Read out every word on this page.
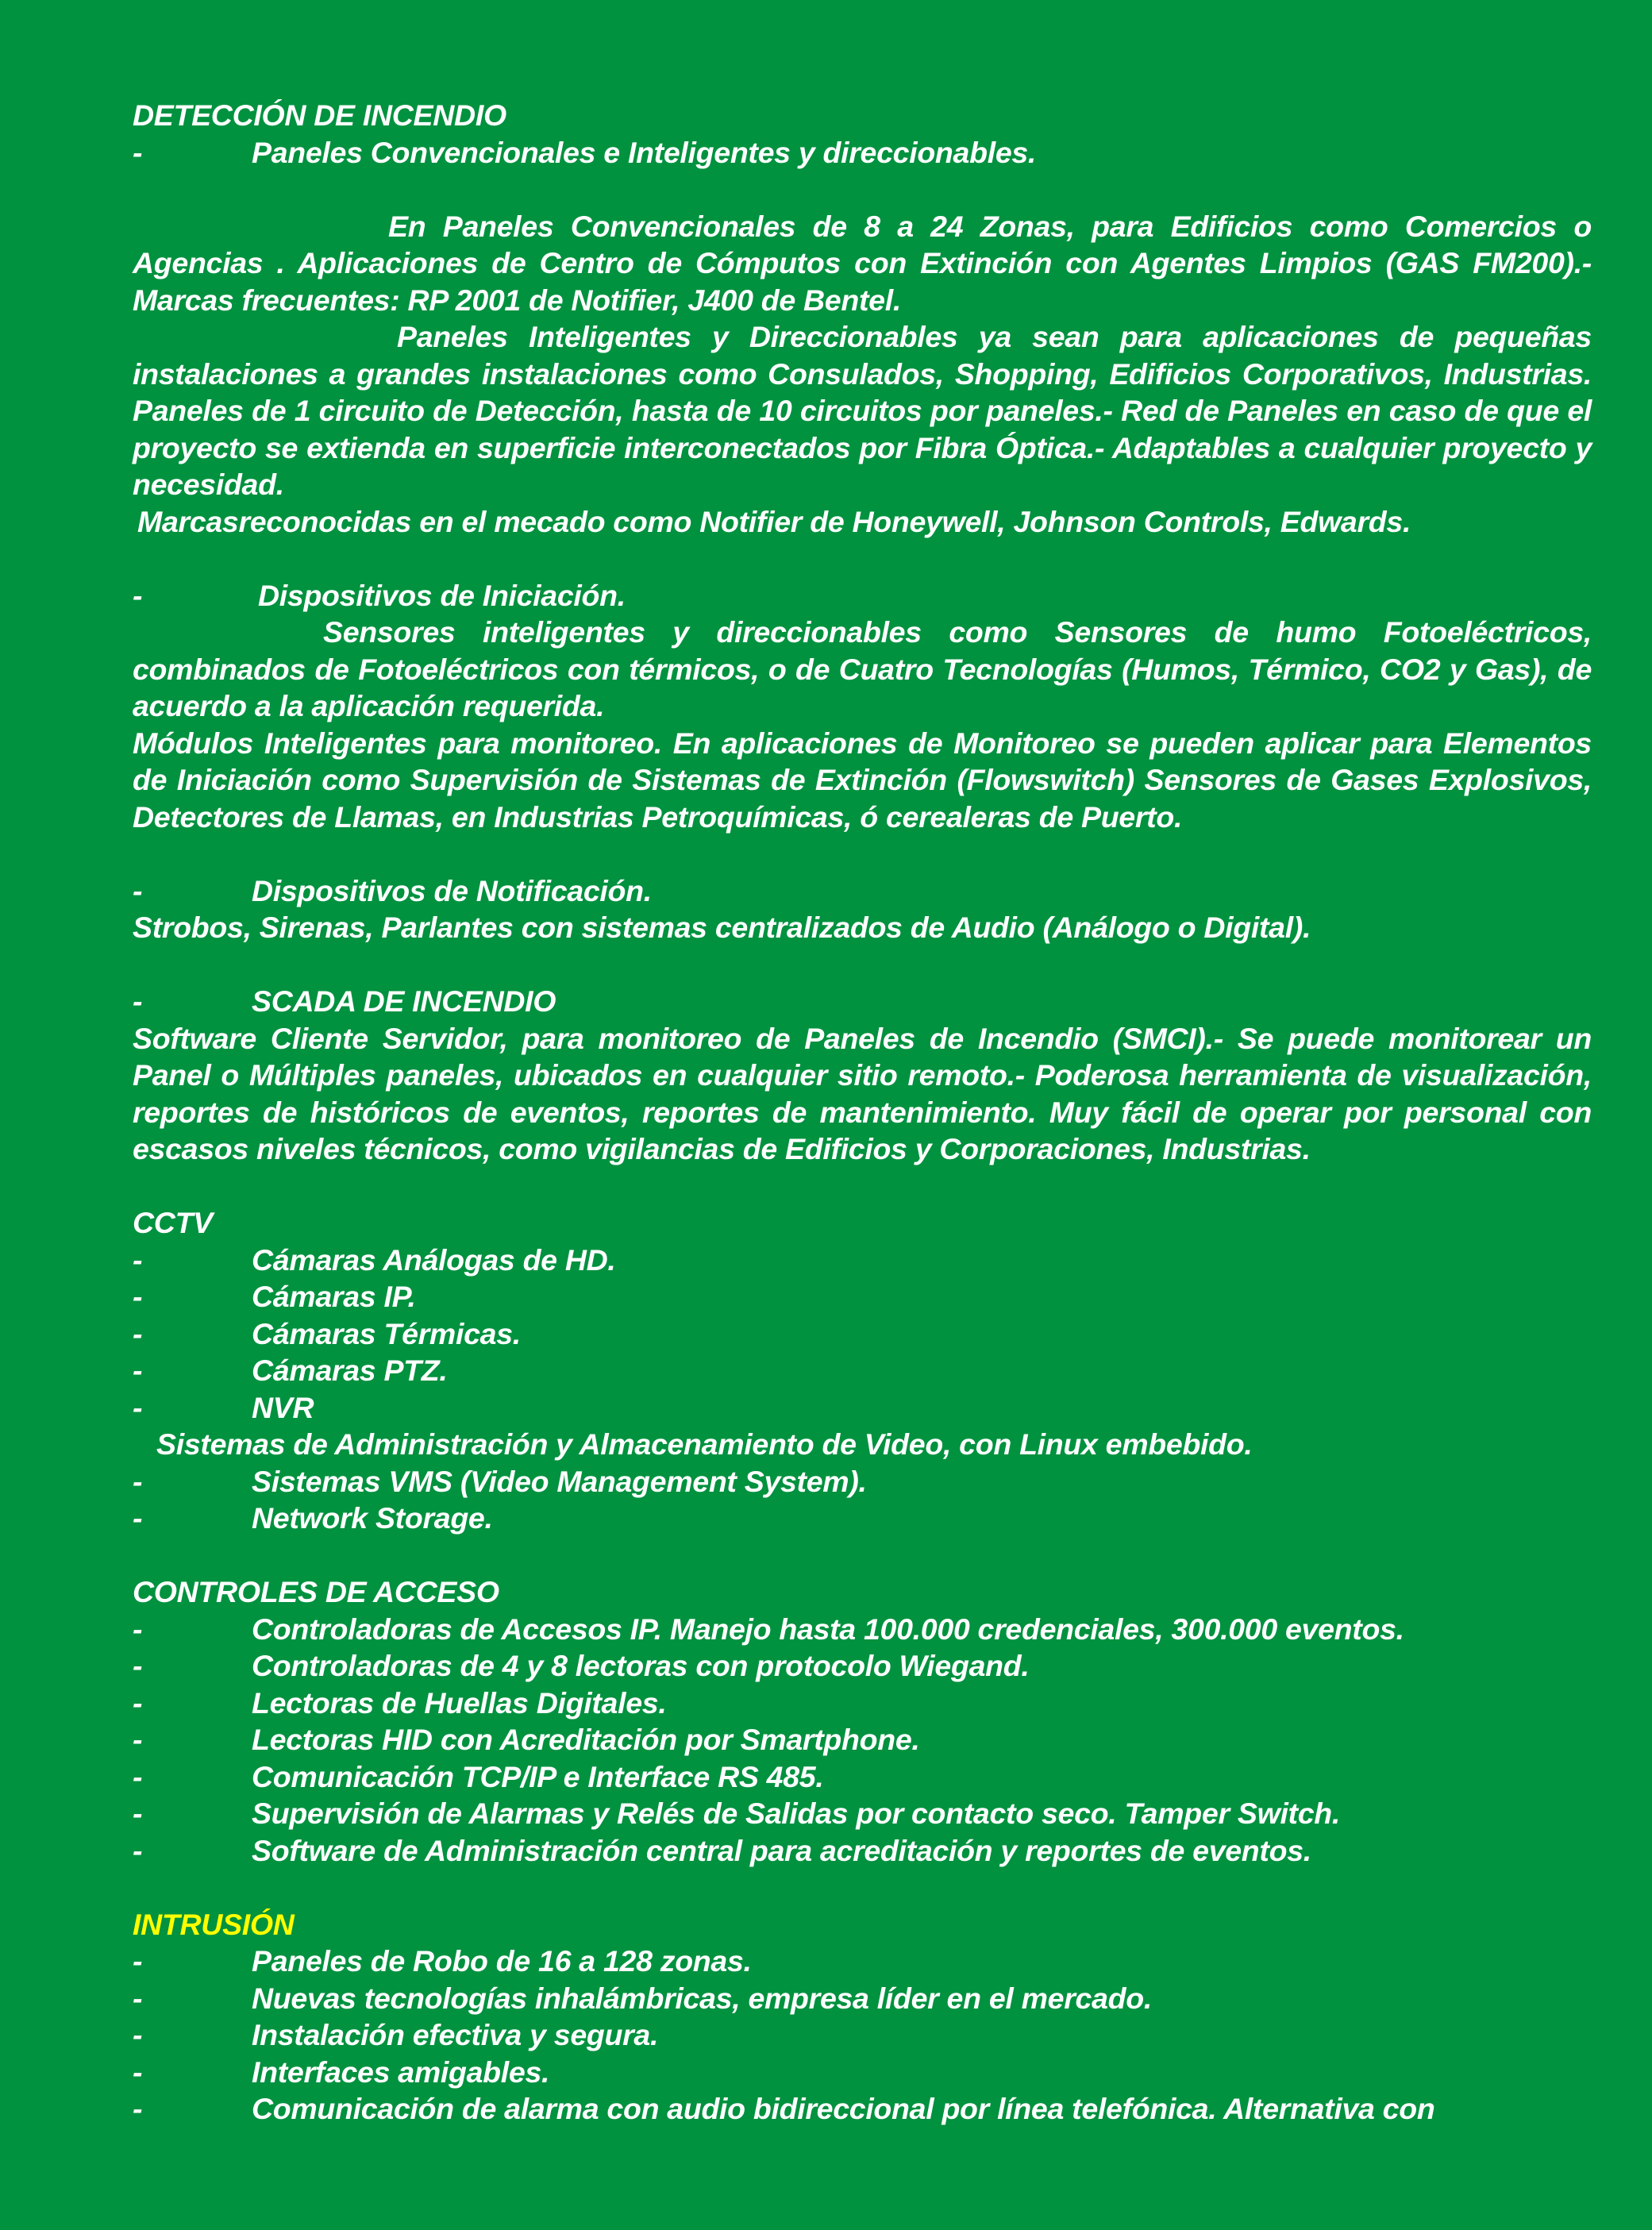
DETECCIÓN DE INCENDIO
-	Paneles Convencionales e Inteligentes y direccionables.
En Paneles Convencionales de 8 a 24 Zonas, para Edificios como Comercios o Agencias . Aplicaciones de Centro de Cómputos con Extinción con Agentes Limpios (GAS FM200).- Marcas frecuentes: RP 2001 de Notifier, J400 de Bentel.
Paneles Inteligentes y Direccionables ya sean para aplicaciones de pequeñas instalaciones a grandes instalaciones como Consulados, Shopping, Edificios Corporativos, Industrias. Paneles de 1 circuito de Detección, hasta de 10 circuitos por paneles.- Red de Paneles en caso de que el proyecto se extienda en superficie interconectados por Fibra Óptica.- Adaptables a cualquier proyecto y necesidad.
Marcasreconocidas en el mecado como Notifier de Honeywell, Johnson Controls, Edwards.
-	Dispositivos de Iniciación.
Sensores inteligentes y direccionables como Sensores de humo Fotoeléctricos, combinados de Fotoeléctricos con térmicos, o de Cuatro Tecnologías (Humos, Térmico, CO2 y Gas), de acuerdo a la aplicación requerida.
Módulos Inteligentes para monitoreo. En aplicaciones de Monitoreo se pueden aplicar para Elementos de Iniciación como Supervisión de Sistemas de Extinción (Flowswitch) Sensores de Gases Explosivos, Detectores de Llamas, en Industrias Petroquímicas, ó cerealeras de Puerto.
-	Dispositivos de Notificación.
Strobos, Sirenas, Parlantes con sistemas centralizados de Audio (Análogo o Digital).
-	SCADA DE INCENDIO
Software Cliente Servidor, para monitoreo de Paneles de Incendio (SMCI).- Se puede monitorear un Panel o Múltiples paneles, ubicados en cualquier sitio remoto.- Poderosa herramienta de visualización, reportes de históricos de eventos, reportes de mantenimiento. Muy fácil de operar por personal con escasos niveles técnicos, como vigilancias de Edificios y Corporaciones, Industrias.
CCTV
-	Cámaras Análogas de HD.
-	Cámaras IP.
-	Cámaras Térmicas.
-	Cámaras PTZ.
-	NVR
Sistemas de Administración y Almacenamiento de Video, con Linux embebido.
-	Sistemas VMS (Video Management System).
-	Network Storage.
CONTROLES DE ACCESO
-	Controladoras de Accesos IP. Manejo hasta 100.000 credenciales, 300.000 eventos.
-	Controladoras de 4 y 8 lectoras con protocolo Wiegand.
-	Lectoras de Huellas Digitales.
-	Lectoras HID con Acreditación por Smartphone.
-	Comunicación TCP/IP e Interface RS 485.
-	Supervisión de Alarmas y Relés de Salidas por contacto seco. Tamper Switch.
-	Software de Administración central para acreditación y reportes de eventos.
INTRUSIÓN
-	Paneles de Robo de 16 a 128 zonas.
-	Nuevas tecnologías inhalámbricas, empresa líder en el mercado.
-	Instalación efectiva y segura.
-	Interfaces amigables.
-	Comunicación de alarma con audio bidireccional por línea telefónica. Alternativa con
